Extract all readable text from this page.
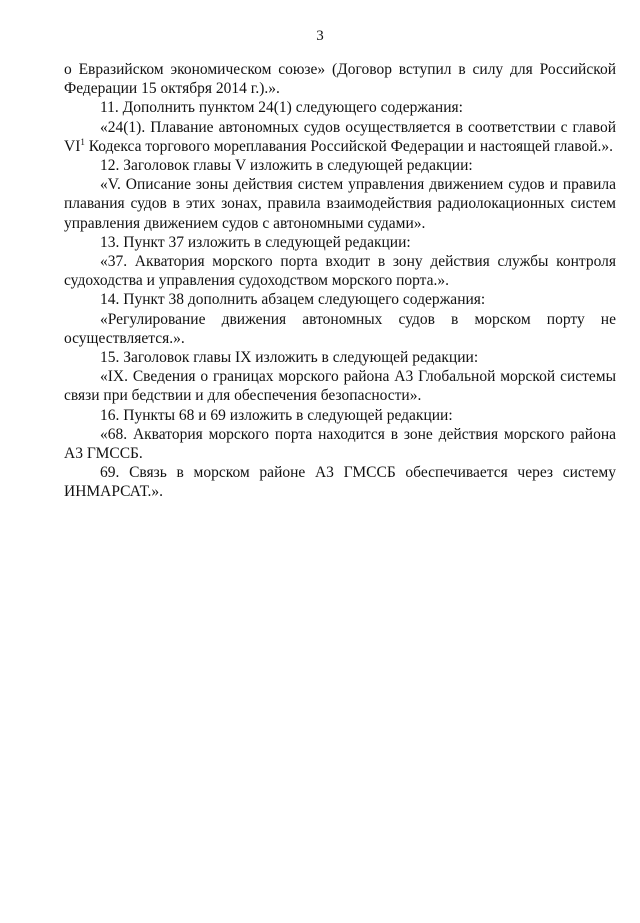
3

о Евразийском экономическом союзе» (Договор вступил в силу для Российской Федерации 15 октября 2014 г.).».

11. Дополнить пунктом 24(1) следующего содержания:

«24(1). Плавание автономных судов осуществляется в соответствии с главой $VI^1$ Кодекса торгового мореплавания Российской Федерации и настоящей главой.».

12. Заголовок главы V изложить в следующей редакции:

«V. Описание зоны действия систем управления движением судов и правила плавания судов в этих зонах, правила взаимодействия радиолокационных систем управления движением судов с автономными судами».

13. Пункт 37 изложить в следующей редакции:

«37. Акватория морского порта входит в зону действия службы контроля судоходства и управления судоходством морского порта.».

14. Пункт 38 дополнить абзацем следующего содержания:

«Регулирование движения автономных судов в морском порту не осуществляется.».

15. Заголовок главы IX изложить в следующей редакции:

«IX. Сведения о границах морского района А3 Глобальной морской системы связи при бедствии и для обеспечения безопасности».

16. Пункты 68 и 69 изложить в следующей редакции:

«68. Акватория морского порта находится в зоне действия морского района А3 ГМССБ.

69. Связь в морском районе А3 ГМССБ обеспечивается через систему ИНМАРСАТ.».
